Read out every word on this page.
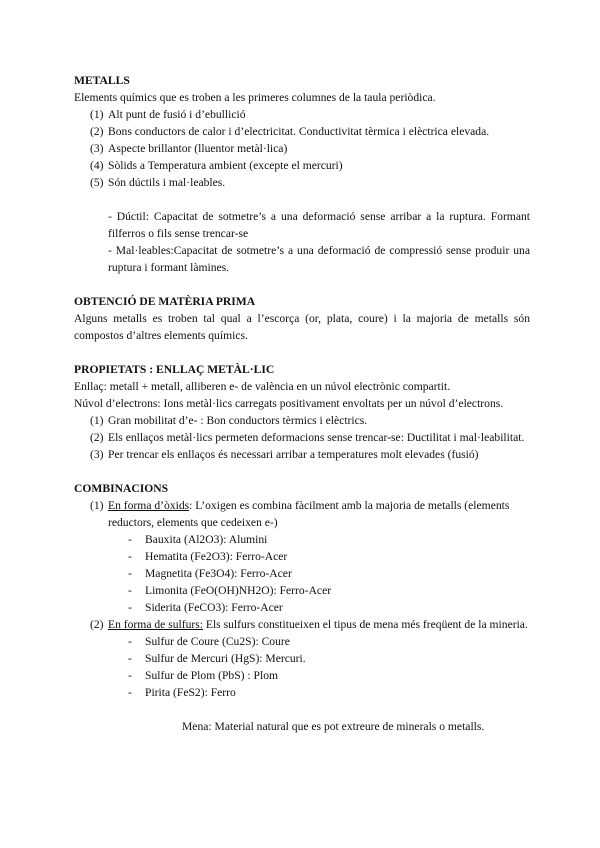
METALLS

Elements químics que es troben a les primeres columnes de la taula periòdica.

(1) Alt punt de fusió i d’ebullició
(2) Bons conductors de calor i d’electricitat. Conductivitat tèrmica i elèctrica elevada.
(3) Aspecte brillantor (lluentor metàl·lica)
(4) Sòlids a Temperatura ambient (excepte el mercuri)
(5) Són dúctils i mal·leables.

- Dúctil: Capacitat de sotmetre’s a una deformació sense arribar a la ruptura. Formant filferros o fils sense trencar-se

- Mal·leables:Capacitat de sotmetre’s a una deformació de compressió sense produir una ruptura i formant làmines.

OBTENCIÓ DE MATÈRIA PRIMA

Alguns metalls es troben tal qual a l’escorça (or, plata, coure) i la majoria de metalls són compostos d’altres elements químics.

PROPIETATS : ENLLAÇ METÀL·LIC

Enllaç: metall + metall, alliberen e- de valència en un núvol electrònic compartit.

Núvol d’electrons: Ions metàl·lics carregats positivament envoltats per un núvol d’electrons.

(1) Gran mobilitat d’e- : Bon conductors tèrmics i elèctrics.
(2) Els enllaços metàl·lics permeten deformacions sense trencar-se: Ductilitat i mal·leabilitat.
(3) Per trencar els enllaços és necessari arribar a temperatures molt elevades (fusió)
COMBINACIONS
(1) En forma d’òxids: L’oxigen es combina fàcilment amb la majoria de metalls (elements reductors, elements que cedeixen e-)
- Bauxita (Al2O3): Alumini
- Hematita (Fe2O3): Ferro-Acer
- Magnetita (Fe3O4): Ferro-Acer
- Limonita (FeO(OH)NH2O): Ferro-Acer
- Siderita (FeCO3): Ferro-Acer
(2) En forma de sulfurs: Els sulfurs constitueixen el tipus de mena més freqüent de la mineria.
- Sulfur de Coure (Cu2S): Coure
- Sulfur de Mercuri (HgS): Mercuri.
- Sulfur de Plom (PbS) : Plom
- Pirita (FeS2): Ferro

Mena: Material natural que es pot extreure de minerals o metalls.
